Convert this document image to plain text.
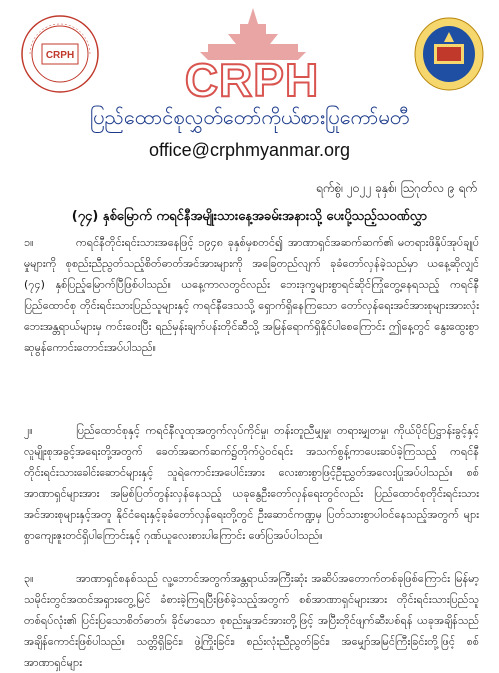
CRPH CRPH
ပြည်ထောင်စုလွှတ်တော်ကိုယ်စားပြုကော်မတီ
office@crphmyanmar.org
ရက်စွဲ၊ ၂၀၂၂ ခုနှစ်၊ ဩဂုတ်လ ၉ ရက်
(၇၄) နှစ်မြောက် ကရင်နီအမျိုးသားနေ့အခမ်းအနားသို့ ပေးပို့သည့်သဝဏ်လွှာ
၁။	ကရင်နီတိုင်းရင်းသားအနေဖြင့် ၁၉၄၈ ခုနှစ်မှစတင်၍ အာဏာရှင်အဆက်ဆက်၏ မတရားဖိနှိပ်အုပ်ချုပ်မှုများကို စုစည်းညီညွတ်သည့်စိတ်ဓာတ်အင်အားများကို အခြေတည်လျက် ခုခံတော်လှန်ခဲ့သည်မှာ ယနေ့ဆိုလျှင် (၇၄) နှစ်ပြည့်မြောက်ပြီဖြစ်ပါသည်။ ယနေ့ကာလတွင်လည်း ဘေးဒုက္ခများစွာရင်ဆိုင်ကြုံတွေ့နေရသည့် ကရင်နီပြည်ထောင်စု တိုင်းရင်းသားပြည်သူများနှင့် ကရင်နီဒေသသို့ ရှောက်ရှိနေကြသော တော်လှန်ရေးအင်အားစုများအားလုံး ဘေးအန္တရာယ်များမှ ကင်းဝေးပြီး ရည်မှန်းချက်ပန်းတိုင်ဆီသို့ အမြန်ရောက်ရှိနိုင်ပါစေကြောင်း ဤနေ့တွင် နွေးထွေးစွာ ဆုမွန်ကောင်းတောင်းအပ်ပါသည်။
၂။	ပြည်ထောင်စုနှင့် ကရင်နီလူထုအတွက်လုပ်ကိုင်မှု၊ တန်းတူညီမျှမှု၊ တရားမျှတမှု၊ ကိုယ်ပိုင်ပြဋ္ဌာန်းခွင့်နှင့် လူမျိုးစုအခွင့်အရေးတို့အတွက် ခေတ်အဆက်ဆက်၌တိုက်ပွဲဝင်ရင်း အသက်စွန့်ကာပေးဆပ်ခဲ့ကြသည့် ကရင်နီတိုင်းရင်းသားခေါင်းဆောင်များနှင့် သူရဲကောင်းအပေါင်းအား လေးစားစွာဖြင့်ဦးညွှတ်အလေးပြုအပ်ပါသည်။ စစ်အာဏာရှင်များအား အမြစ်ပြတ်တွန်းလှန်နေသည့် ယခုနွေဦးတော်လှန်ရေးတွင်လည်း ပြည်ထောင်စုတိုင်းရင်းသား အင်အားစုများနှင့်အတူ နိုင်ငံရေးနှင့်ခုခံတော်လှန်ရေးတို့တွင် ဦးဆောင်ကဏ္ဍမှ ပြတ်သားစွာပါဝင်နေသည့်အတွက် များစွာကျေးဇူးတင်ရှိပါကြောင်းနှင့် ဂုဏ်ယူလေးစားပါကြောင်း ဖော်ပြအပ်ပါသည်။
၃။	အာဏာရှင်စနစ်သည် လူ့ဘောင်အတွက်အန္တရာယ်အကြီးဆုံး အဆိပ်အတောက်တစ်ခုဖြစ်ကြောင်း မြန်မာ့သမိုင်းတွင်အထင်အရှားတွေ့မြင် ခံစားခဲ့ကြရပြီးဖြစ်ခဲ့သည့်အတွက် စစ်အာဏာရှင်များအား တိုင်းရင်းသားပြည်သူတစ်ရပ်လုံး၏ ပြင်းပြသောစိတ်ဓာတ်၊ ခိုင်မာသော စုစည်းမှုအင်အားတို့ဖြင့် အပြီးတိုင်ဖျက်ဆီးပစ်ရန် ယခုအချိန်သည်အချိန်ကောင်းဖြစ်ပါသည်။ သတ္တိရှိခြင်း၊ ဖွဲ့ကြိုးခြင်း၊ စည်းလုံးညီညွတ်ခြင်း၊ အမျှော်အမြင်ကြီးခြင်းတို့ဖြင့် စစ်အာဏာရှင်များ
